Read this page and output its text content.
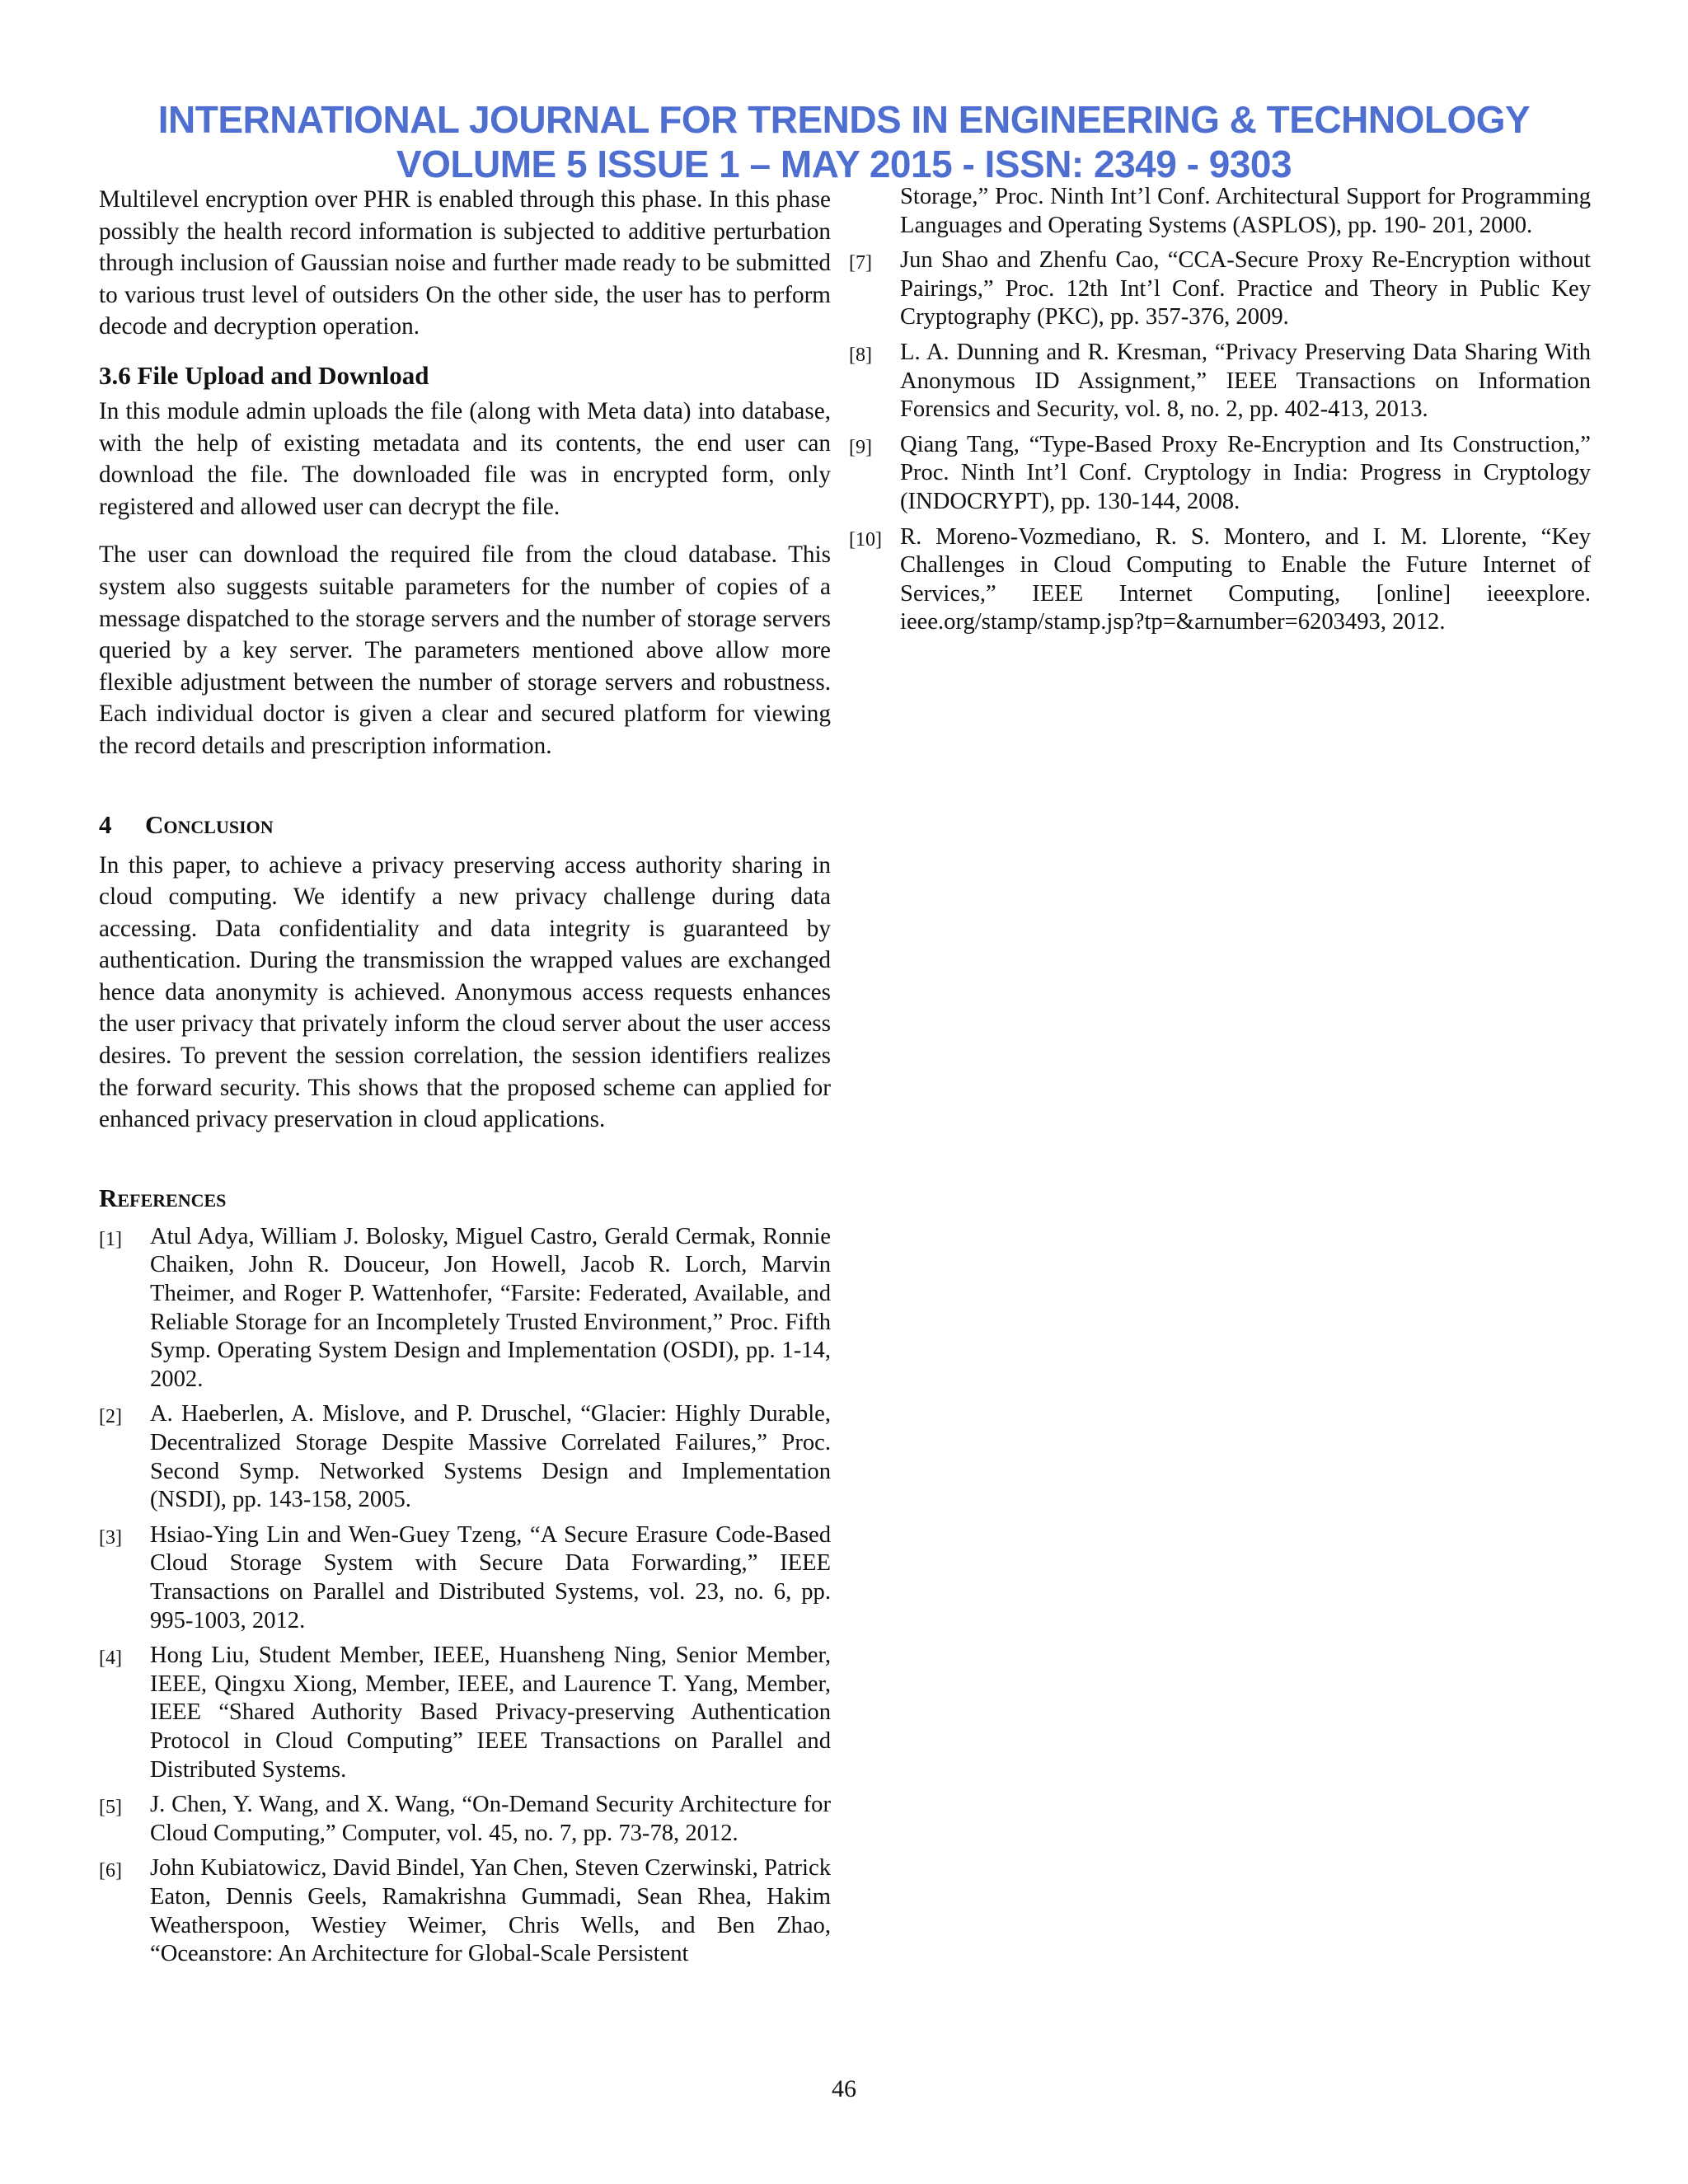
INTERNATIONAL JOURNAL FOR TRENDS IN ENGINEERING & TECHNOLOGY
VOLUME 5 ISSUE 1 – MAY 2015 - ISSN: 2349 - 9303

Multilevel encryption over PHR is enabled through this phase. In this phase possibly the health record information is subjected to additive perturbation through inclusion of Gaussian noise and further made ready to be submitted to various trust level of outsiders On the other side, the user has to perform decode and decryption operation.

3.6 File Upload and Download

In this module admin uploads the file (along with Meta data) into database, with the help of existing metadata and its contents, the end user can download the file. The downloaded file was in encrypted form, only registered and allowed user can decrypt the file.

The user can download the required file from the cloud database. This system also suggests suitable parameters for the number of copies of a message dispatched to the storage servers and the number of storage servers queried by a key server. The parameters mentioned above allow more flexible adjustment between the number of storage servers and robustness. Each individual doctor is given a clear and secured platform for viewing the record details and prescription information.

4 Conclusion

In this paper, to achieve a privacy preserving access authority sharing in cloud computing. We identify a new privacy challenge during data accessing. Data confidentiality and data integrity is guaranteed by authentication. During the transmission the wrapped values are exchanged hence data anonymity is achieved. Anonymous access requests enhances the user privacy that privately inform the cloud server about the user access desires. To prevent the session correlation, the session identifiers realizes the forward security. This shows that the proposed scheme can applied for enhanced privacy preservation in cloud applications.

References
[1]	Atul Adya, William J. Bolosky, Miguel Castro, Gerald Cermak, Ronnie Chaiken, John R. Douceur, Jon Howell, Jacob R. Lorch, Marvin Theimer, and Roger P. Wattenhofer, “Farsite: Federated, Available, and Reliable Storage for an Incompletely Trusted Environment,” Proc. Fifth Symp. Operating System Design and Implementation (OSDI), pp. 1-14, 2002.
[2]	A. Haeberlen, A. Mislove, and P. Druschel, “Glacier: Highly Durable, Decentralized Storage Despite Massive Correlated Failures,” Proc. Second Symp. Networked Systems Design and Implementation (NSDI), pp. 143-158, 2005.
[3]	Hsiao-Ying Lin and Wen-Guey Tzeng, “A Secure Erasure Code-Based Cloud Storage System with Secure Data Forwarding,” IEEE Transactions on Parallel and Distributed Systems, vol. 23, no. 6, pp. 995-1003, 2012.
[4]	Hong Liu, Student Member, IEEE, Huansheng Ning, Senior Member, IEEE, Qingxu Xiong, Member, IEEE, and Laurence T. Yang, Member, IEEE “Shared Authority Based Privacy-preserving Authentication Protocol in Cloud Computing” IEEE Transactions on Parallel and Distributed Systems.
[5]	J. Chen, Y. Wang, and X. Wang, “On-Demand Security Architecture for Cloud Computing,” Computer, vol. 45, no. 7, pp. 73-78, 2012.
[6]	John Kubiatowicz, David Bindel, Yan Chen, Steven Czerwinski, Patrick Eaton, Dennis Geels, Ramakrishna Gummadi, Sean Rhea, Hakim Weatherspoon, Westiey Weimer, Chris Wells, and Ben Zhao, “Oceanstore: An Architecture for Global-Scale Persistent
Storage,” Proc. Ninth Int’l Conf. Architectural Support for Programming Languages and Operating Systems (ASPLOS), pp. 190- 201, 2000.
[7]	Jun Shao and Zhenfu Cao, “CCA-Secure Proxy Re-Encryption without Pairings,” Proc. 12th Int’l Conf. Practice and Theory in Public Key Cryptography (PKC), pp. 357-376, 2009.
[8]	L. A. Dunning and R. Kresman, “Privacy Preserving Data Sharing With Anonymous ID Assignment,” IEEE Transactions on Information Forensics and Security, vol. 8, no. 2, pp. 402-413, 2013.
[9]	Qiang Tang, “Type-Based Proxy Re-Encryption and Its Construction,” Proc. Ninth Int’l Conf. Cryptology in India: Progress in Cryptology (INDOCRYPT), pp. 130-144, 2008.
[10] R. Moreno-Vozmediano, R. S. Montero, and I. M. Llorente, “Key Challenges in Cloud Computing to Enable the Future Internet of Services,” IEEE Internet Computing, [online] ieeexplore. ieee.org/stamp/stamp.jsp?tp=&arnumber=6203493, 2012.
46
